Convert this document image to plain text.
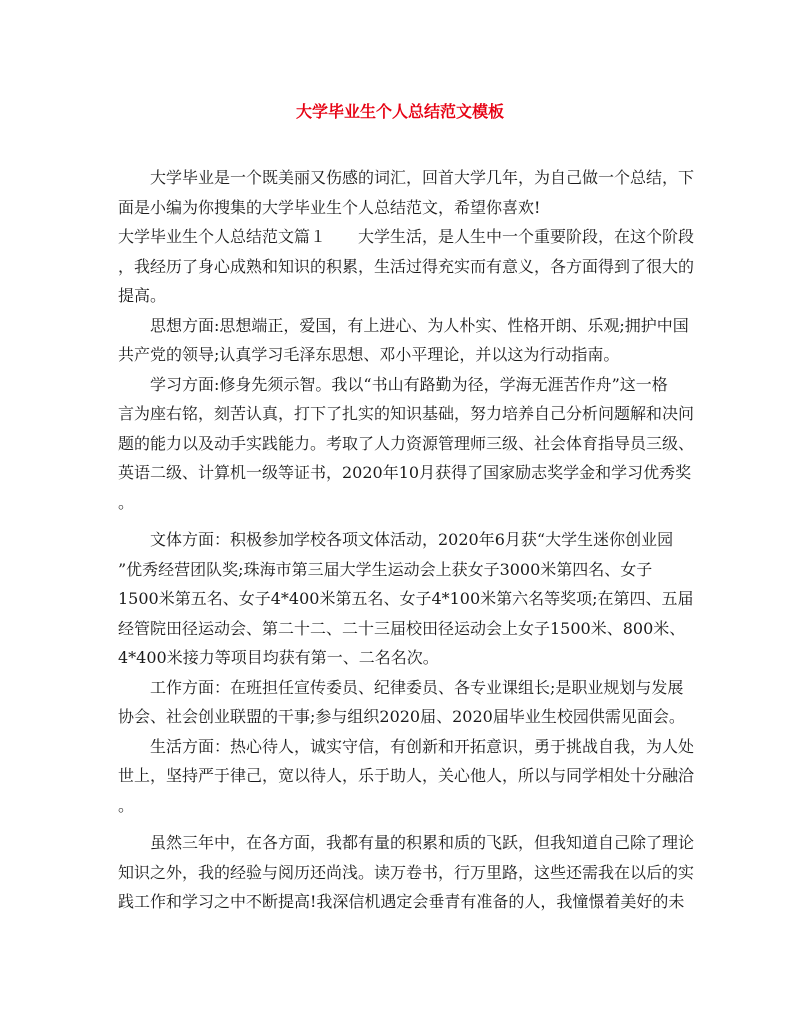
大学毕业生个人总结范文模板
　　大学毕业是一个既美丽又伤感的词汇，回首大学几年，为自己做一个总结，下
面是小编为你搜集的大学毕业生个人总结范文，希望你喜欢!
大学毕业生个人总结范文篇１　　大学生活，是人生中一个重要阶段，在这个阶段
，我经历了身心成熟和知识的积累，生活过得充实而有意义，各方面得到了很大的
提高。
　　思想方面:思想端正，爱国，有上进心、为人朴实、性格开朗、乐观;拥护中国
共产党的领导;认真学习毛泽东思想、邓小平理论，并以这为行动指南。
　　学习方面:修身先须示智。我以“书山有路勤为径，学海无涯苦作舟”这一格
言为座右铭，刻苦认真，打下了扎实的知识基础，努力培养自己分析问题解和决问
题的能力以及动手实践能力。考取了人力资源管理师三级、社会体育指导员三级、
英语二级、计算机一级等证书，2020年10月获得了国家励志奖学金和学习优秀奖
。
　　文体方面：积极参加学校各项文体活动，2020年6月获“大学生迷你创业园
”优秀经营团队奖;珠海市第三届大学生运动会上获女子3000米第四名、女子
1500米第五名、女子4*400米第五名、女子4*100米第六名等奖项;在第四、五届
经管院田径运动会、第二十二、二十三届校田径运动会上女子1500米、800米、
4*400米接力等项目均获有第一、二名名次。
　　工作方面：在班担任宣传委员、纪律委员、各专业课组长;是职业规划与发展
协会、社会创业联盟的干事;参与组织2020届、2020届毕业生校园供需见面会。
　　生活方面：热心待人，诚实守信，有创新和开拓意识，勇于挑战自我，为人处
世上，坚持严于律己，宽以待人，乐于助人，关心他人，所以与同学相处十分融洽
。
　　虽然三年中，在各方面，我都有量的积累和质的飞跃，但我知道自己除了理论
知识之外，我的经验与阅历还尚浅。读万卷书，行万里路，这些还需我在以后的实
践工作和学习之中不断提高!我深信机遇定会垂青有准备的人，我憧憬着美好的未
